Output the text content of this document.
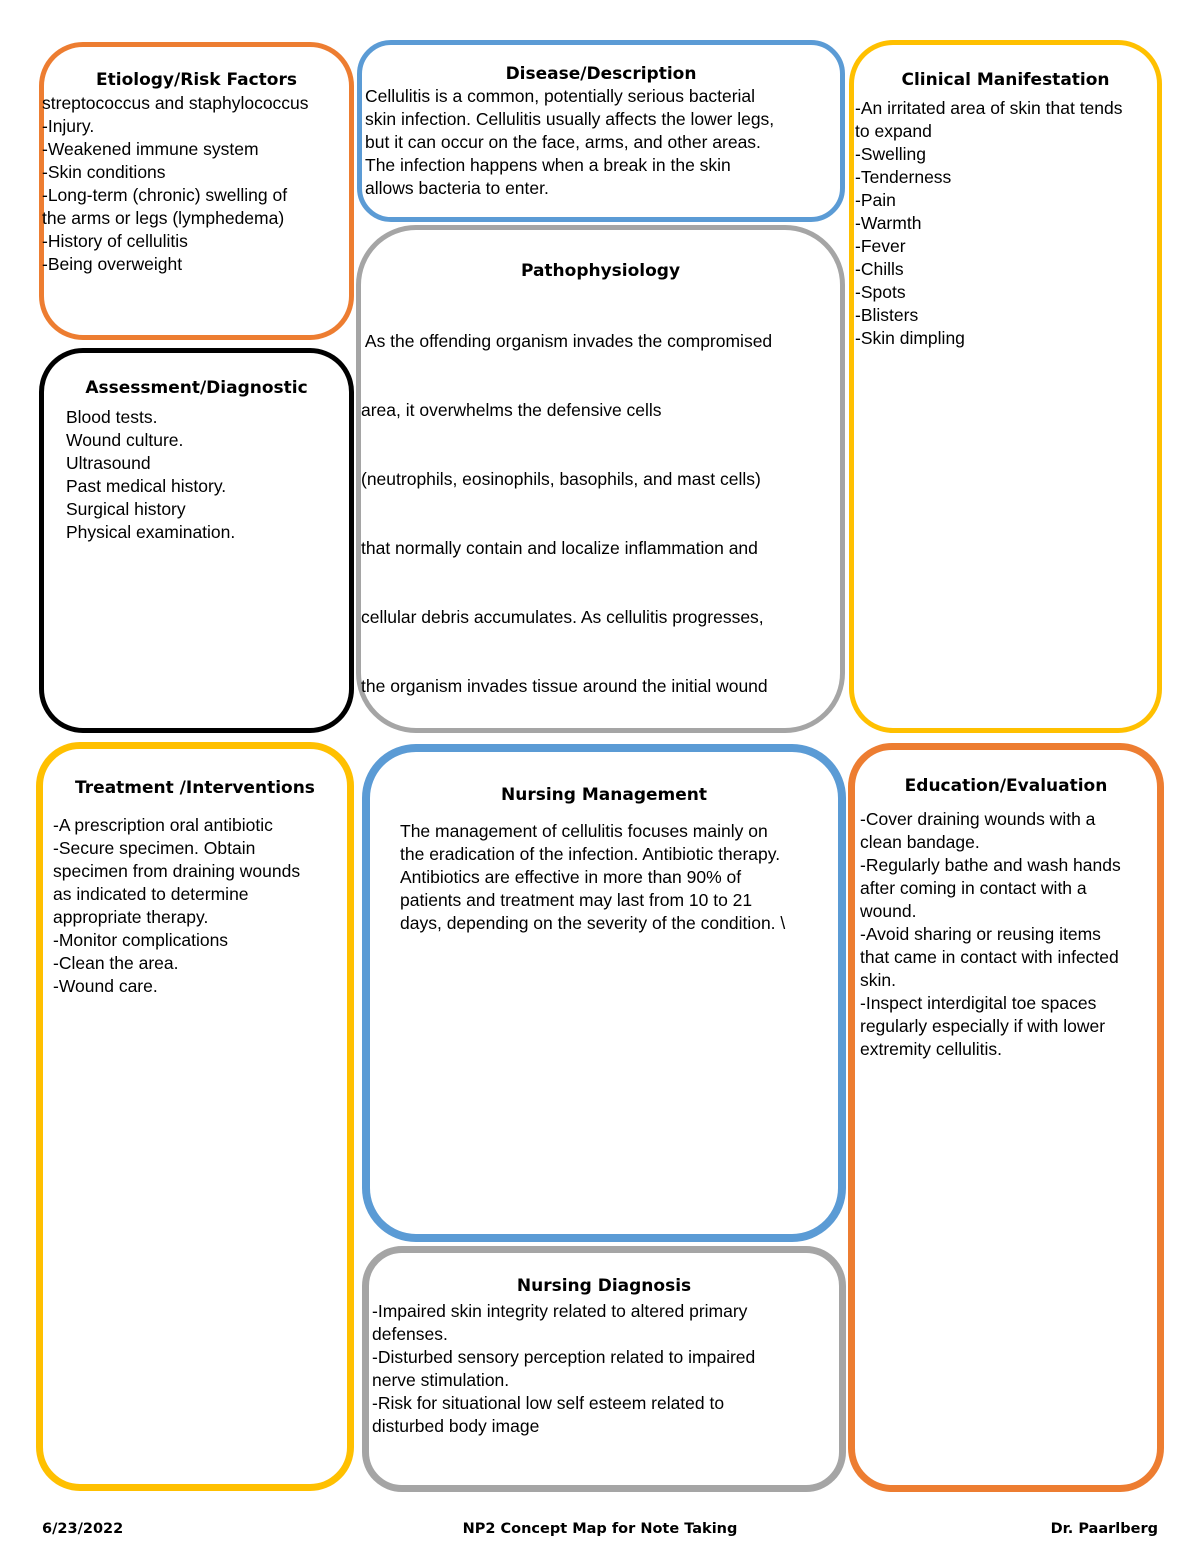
Etiology/Risk Factors	Disease/Description	Clinical Manifestation
Pathophysiology
Assessment/Diagnostic
Treatment /Interventions	Nursing Management	Education/Evaluation
Nursing Diagnosis
streptococcus and staphylococcus
-Injury.
-Weakened immune system
-Skin conditions
-Long-term (chronic) swelling of
the arms or legs (lymphedema)
-History of cellulitis
-Being overweight
Cellulitis is a common, potentially serious bacterial
skin infection. Cellulitis usually affects the lower legs,
but it can occur on the face, arms, and other areas.
The infection happens when a break in the skin
allows bacteria to enter.
-An irritated area of skin that tends
to expand
-Swelling
-Tenderness
-Pain
-Warmth
-Fever
-Chills
-Spots
-Blisters
-Skin dimpling

As the offending organism invades the compromised

area, it overwhelms the defensive cells

(neutrophils, eosinophils, basophils, and mast cells)

that normally contain and localize inflammation and

cellular debris accumulates. As cellulitis progresses,

the organism invades tissue around the initial wound

Blood tests.
Wound culture.
Ultrasound
Past medical history.
Surgical history
Physical examination.
-A prescription oral antibiotic
-Secure specimen. Obtain
specimen from draining wounds
as indicated to determine
appropriate therapy.
-Monitor complications
-Clean the area.
-Wound care.
The management of cellulitis focuses mainly on
the eradication of the infection. Antibiotic therapy.
Antibiotics are effective in more than 90% of
patients and treatment may last from 10 to 21
days, depending on the severity of the condition. \
-Cover draining wounds with a
clean bandage.
-Regularly bathe and wash hands
after coming in contact with a
wound.
-Avoid sharing or reusing items
that came in contact with infected
skin.
-Inspect interdigital toe spaces
regularly especially if with lower
extremity cellulitis.
-Impaired skin integrity related to altered primary
defenses.
-Disturbed sensory perception related to impaired
nerve stimulation.
-Risk for situational low self esteem related to
disturbed body image
6/23/2022	NP2 Concept Map for Note Taking	Dr. Paarlberg
